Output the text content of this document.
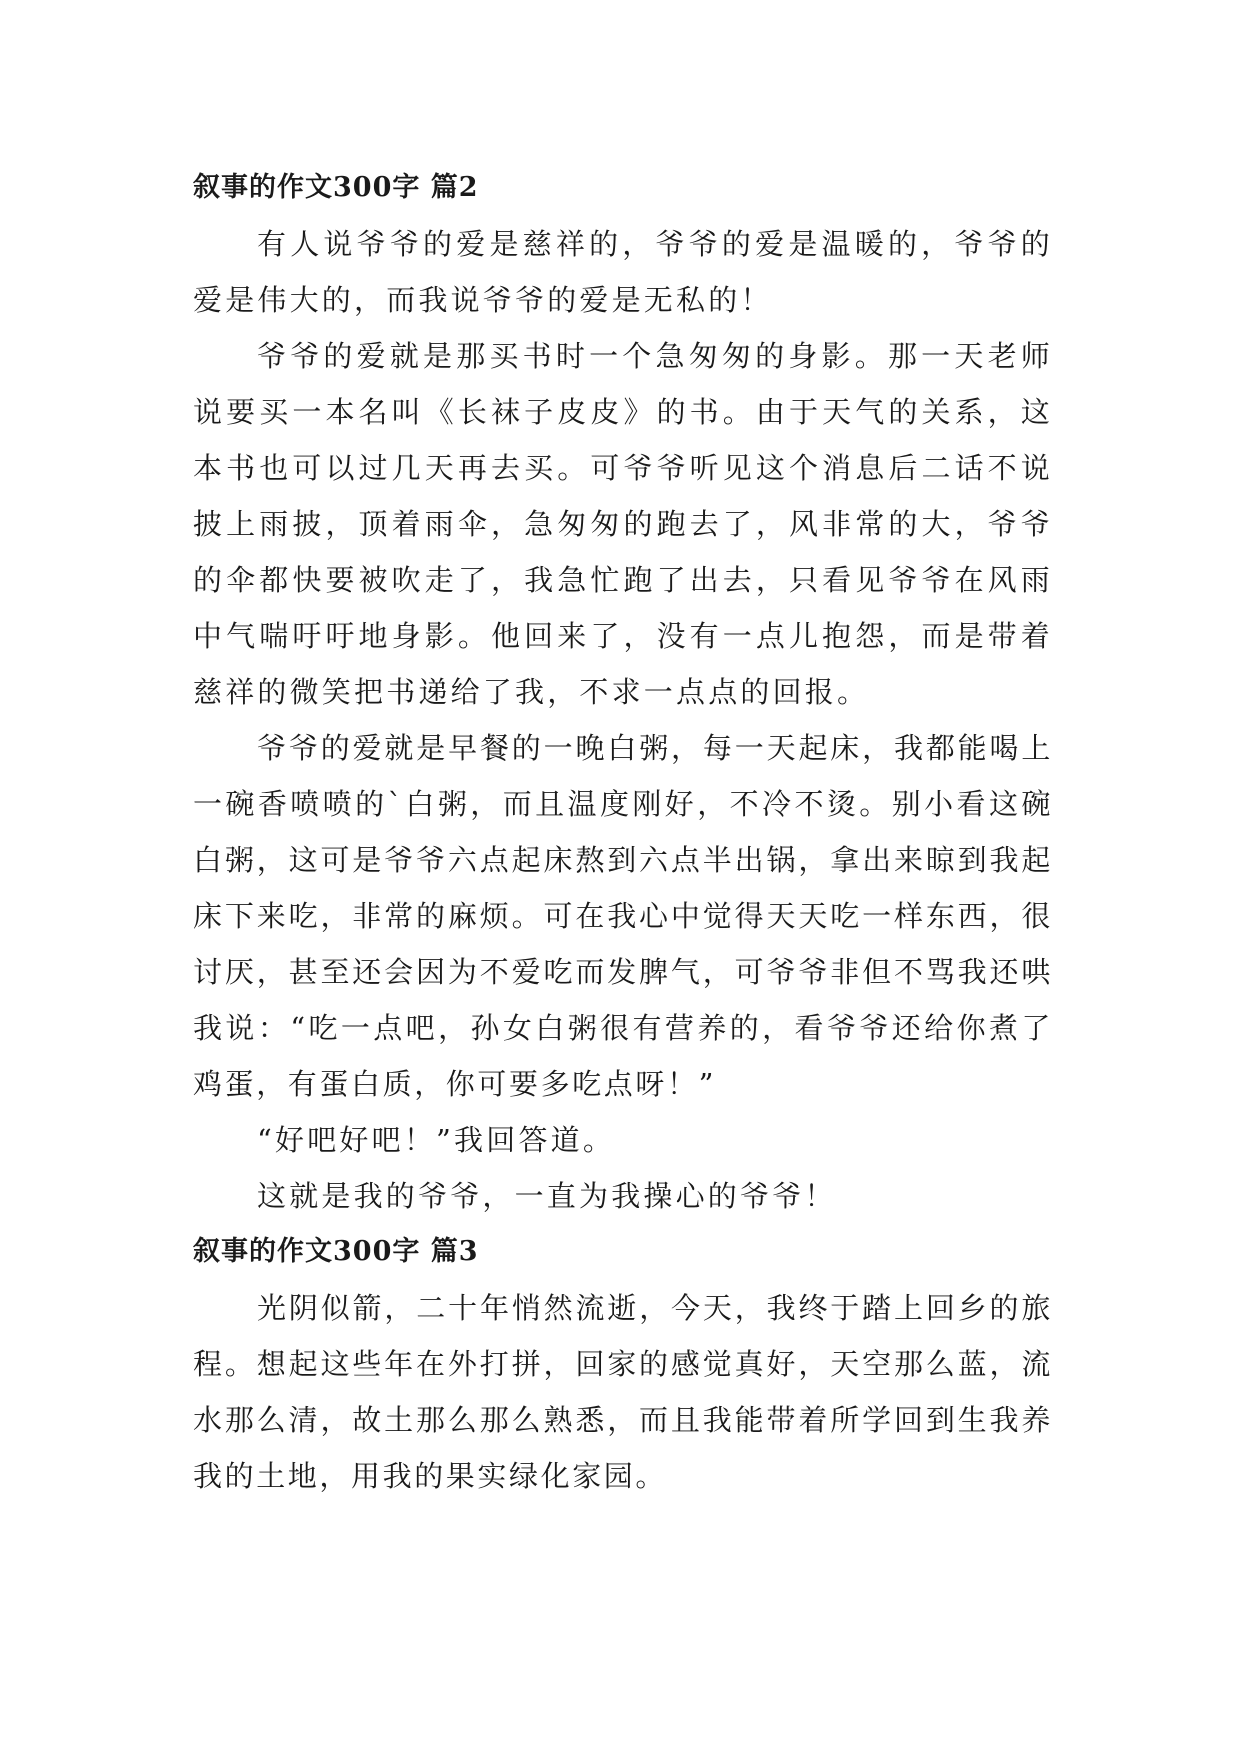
叙事的作文300字 篇2

有人说爷爷的爱是慈祥的，爷爷的爱是温暖的，爷爷的爱是伟大的，而我说爷爷的爱是无私的！

爷爷的爱就是那买书时一个急匆匆的身影。那一天老师说要买一本名叫《长袜子皮皮》的书。由于天气的关系，这本书也可以过几天再去买。可爷爷听见这个消息后二话不说披上雨披，顶着雨伞，急匆匆的跑去了，风非常的大，爷爷的伞都快要被吹走了，我急忙跑了出去，只看见爷爷在风雨中气喘吁吁地身影。他回来了，没有一点儿抱怨，而是带着慈祥的微笑把书递给了我，不求一点点的回报。

爷爷的爱就是早餐的一晚白粥，每一天起床，我都能喝上一碗香喷喷的`白粥，而且温度刚好，不冷不烫。别小看这碗白粥，这可是爷爷六点起床熬到六点半出锅，拿出来晾到我起床下来吃，非常的麻烦。可在我心中觉得天天吃一样东西，很讨厌，甚至还会因为不爱吃而发脾气，可爷爷非但不骂我还哄我说：“吃一点吧，孙女白粥很有营养的，看爷爷还给你煮了鸡蛋，有蛋白质，你可要多吃点呀！”

“好吧好吧！”我回答道。

这就是我的爷爷，一直为我操心的爷爷！

叙事的作文300字 篇3

光阴似箭，二十年悄然流逝，今天，我终于踏上回乡的旅程。想起这些年在外打拼，回家的感觉真好，天空那么蓝，流水那么清，故土那么那么熟悉，而且我能带着所学回到生我养我的土地，用我的果实绿化家园。
